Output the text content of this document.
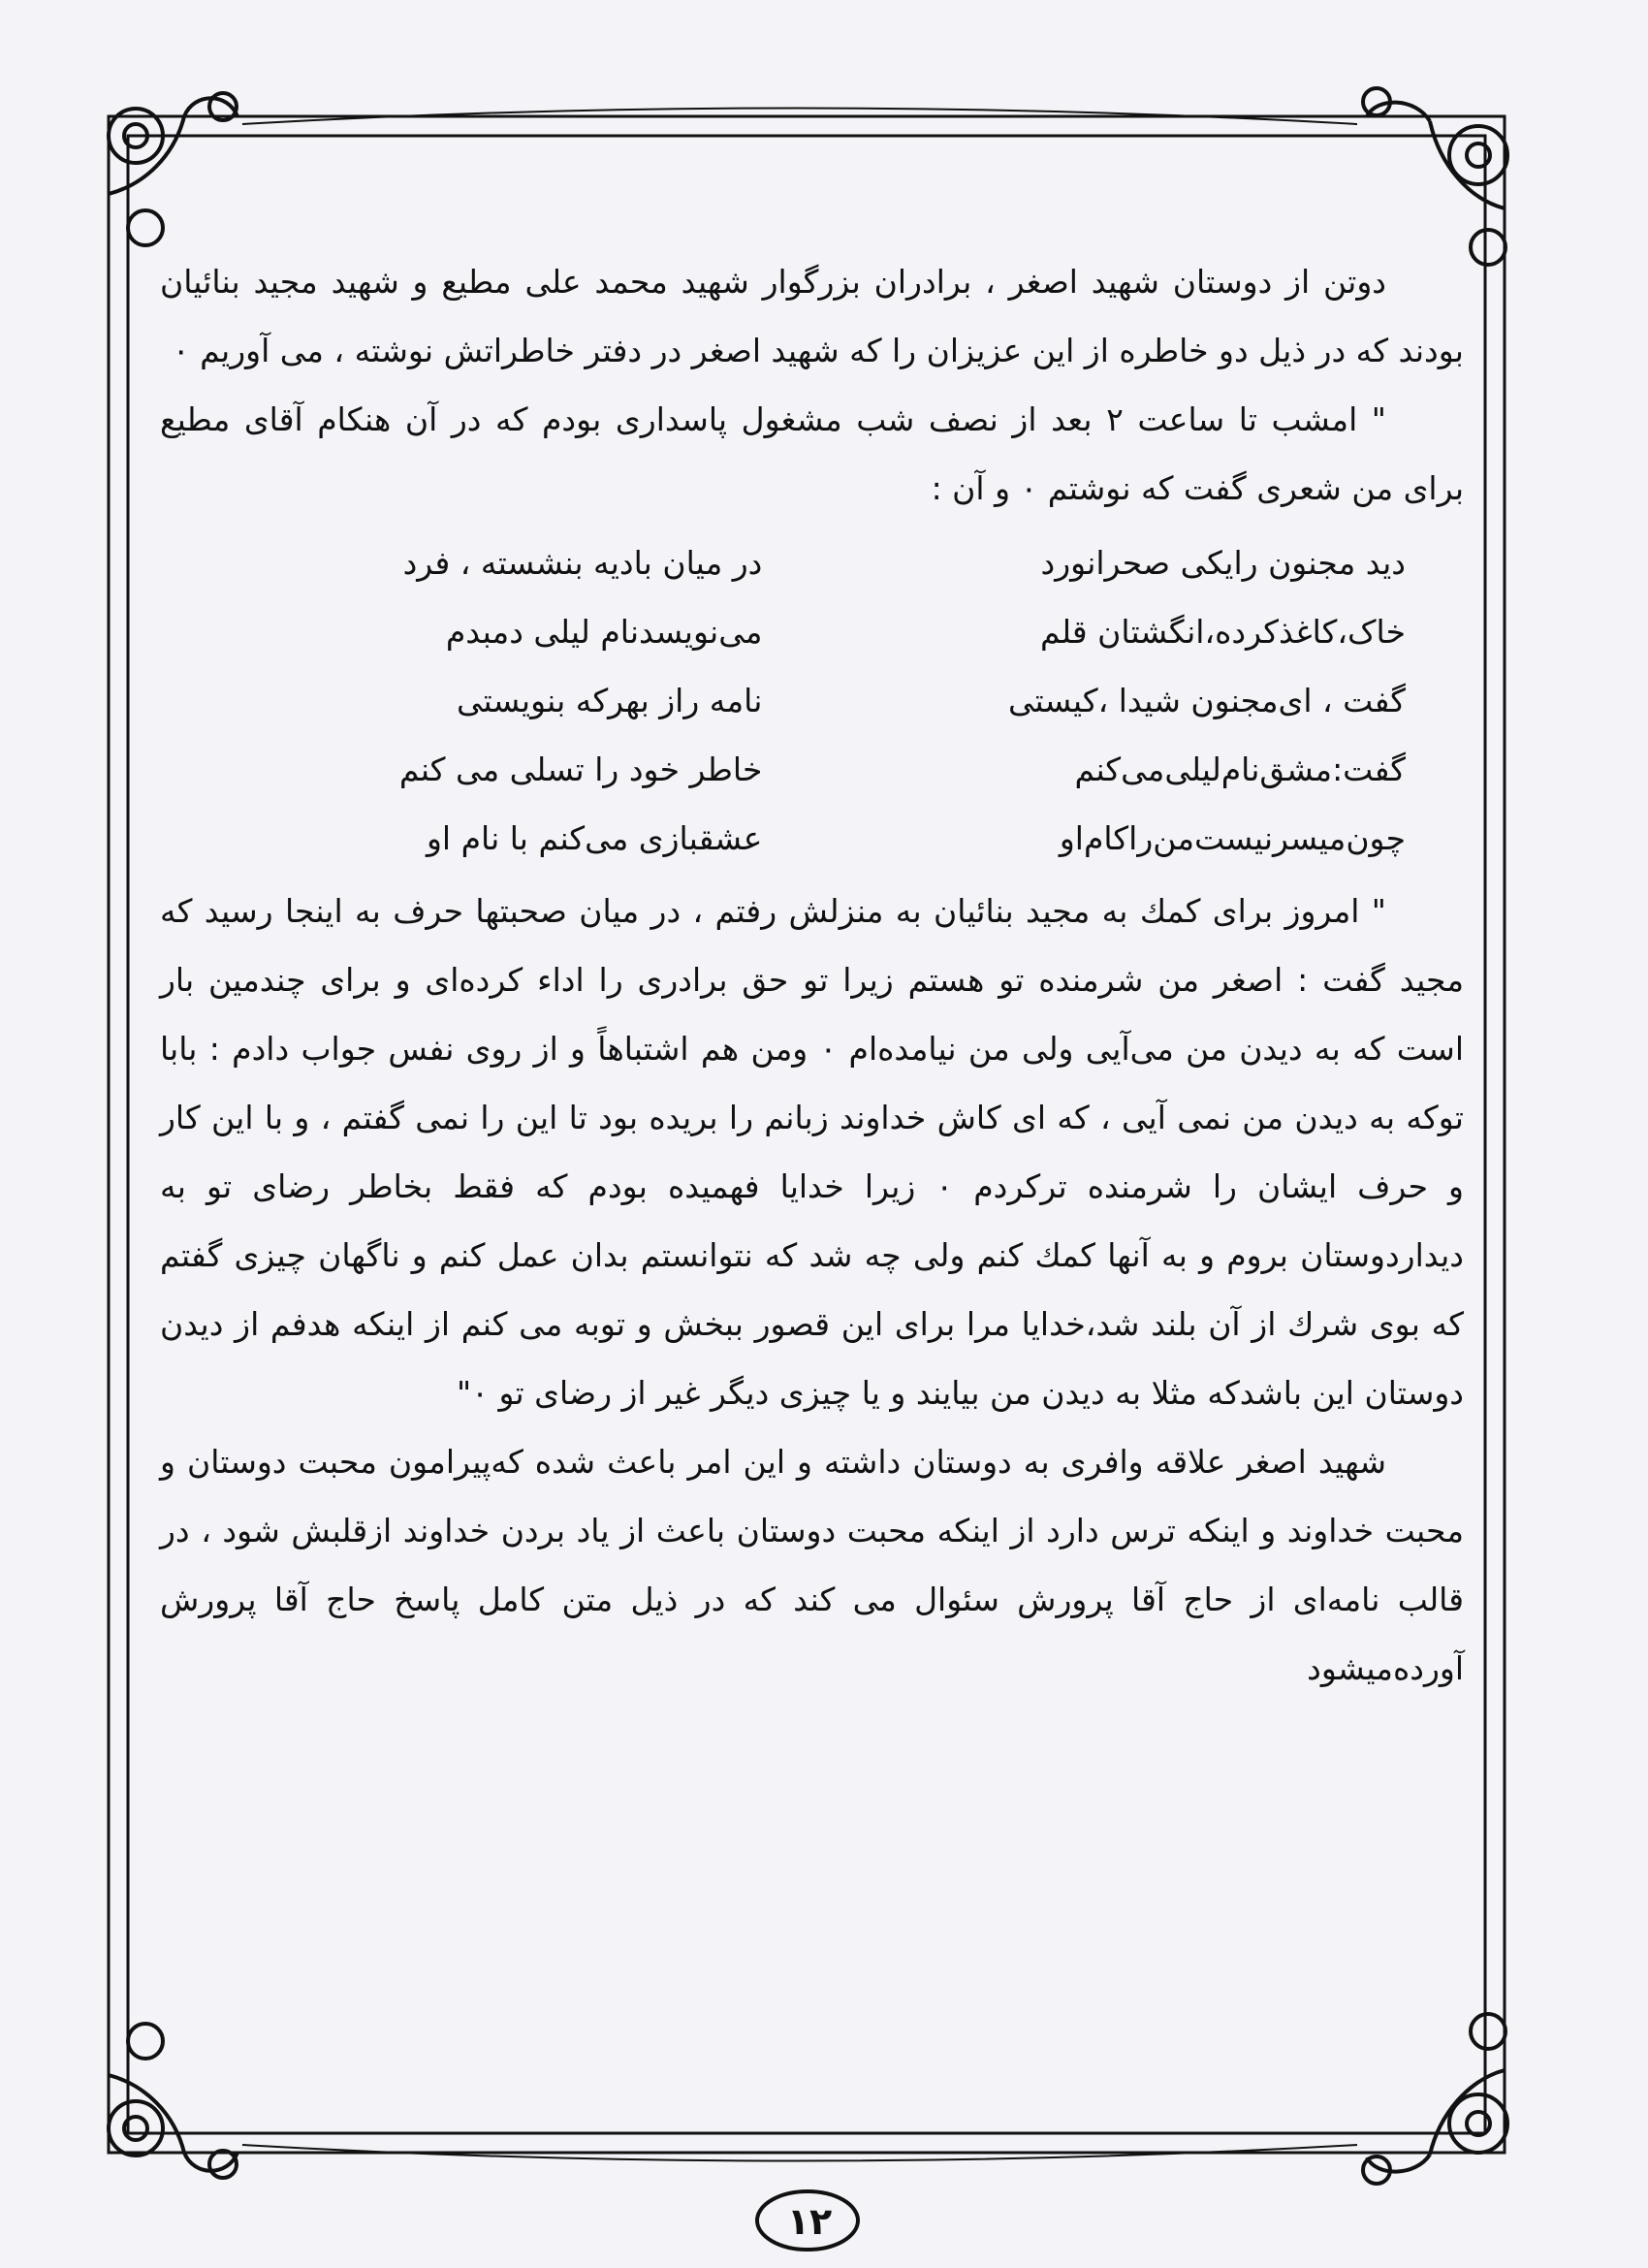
دوتن از دوستان شهید اصغر ، برادران بزرگوار شهید محمد علی مطیع و شهید مجید بنائیان بودند که در ذیل دو خاطره از این عزیزان را که شهید اصغر در دفتر خاطراتش نوشته ، می آوریم ۰

" امشب تا ساعت ۲ بعد از نصف شب مشغول پاسداری بودم که در آن هنکام آقای مطیع برای من شعری گفت که نوشتم ۰ و آن :

دید مجنون رایکی صحرانورد
در میان بادیه بنشسته ، فرد
خاک،کاغذکرده،انگشتان قلم
می‌نویسدنام لیلی دمبدم
گفت ، ای‌مجنون شیدا ،کیستی
نامه راز بهرکه بنویستی
گفت:مشق‌نام‌لیلی‌می‌کنم
خاطر خود را تسلی می کنم
چون‌میسرنیست‌من‌راکام‌او
عشقبازی می‌کنم با نام او

" امروز برای کمك به مجید بنائیان به منزلش رفتم ، در میان صحبتها حرف به اینجا رسید که مجید گفت : اصغر من شرمنده تو هستم زیرا تو حق برادری را اداء کرده‌ای و برای چندمین بار است که به دیدن من می‌آیی ولی من نیامده‌ام ۰ ومن هم اشتباهاً و از روی نفس جواب دادم : بابا توکه به دیدن من نمی آیی ، که ای کاش خداوند زبانم را بریده بود تا این را نمی گفتم ، و با این کار و حرف ایشان را شرمنده ترکردم ۰ زیرا خدایا فهمیده بودم که فقط بخاطر رضای تو به دیداردوستان بروم و به آنها کمك کنم ولی چه شد که نتوانستم بدان عمل کنم و ناگهان چیزی گفتم که بوی شرك از آن بلند شد،خدایا مرا برای این قصور ببخش و توبه می کنم از اینکه هدفم از دیدن دوستان این باشدکه مثلا به دیدن من بیایند و یا چیزی دیگر غیر از رضای تو ۰"

شهید اصغر علاقه وافری به دوستان داشته و این امر باعث شده که‌پیرامون محبت دوستان و محبت خداوند و اینکه ترس دارد از اینکه محبت دوستان باعث از یاد بردن خداوند ازقلبش شود ، در قالب نامه‌ای از حاج آقا پرورش سئوال می کند که در ذیل متن کامل پاسخ حاج آقا پرورش آورده‌میشود

۱۲
